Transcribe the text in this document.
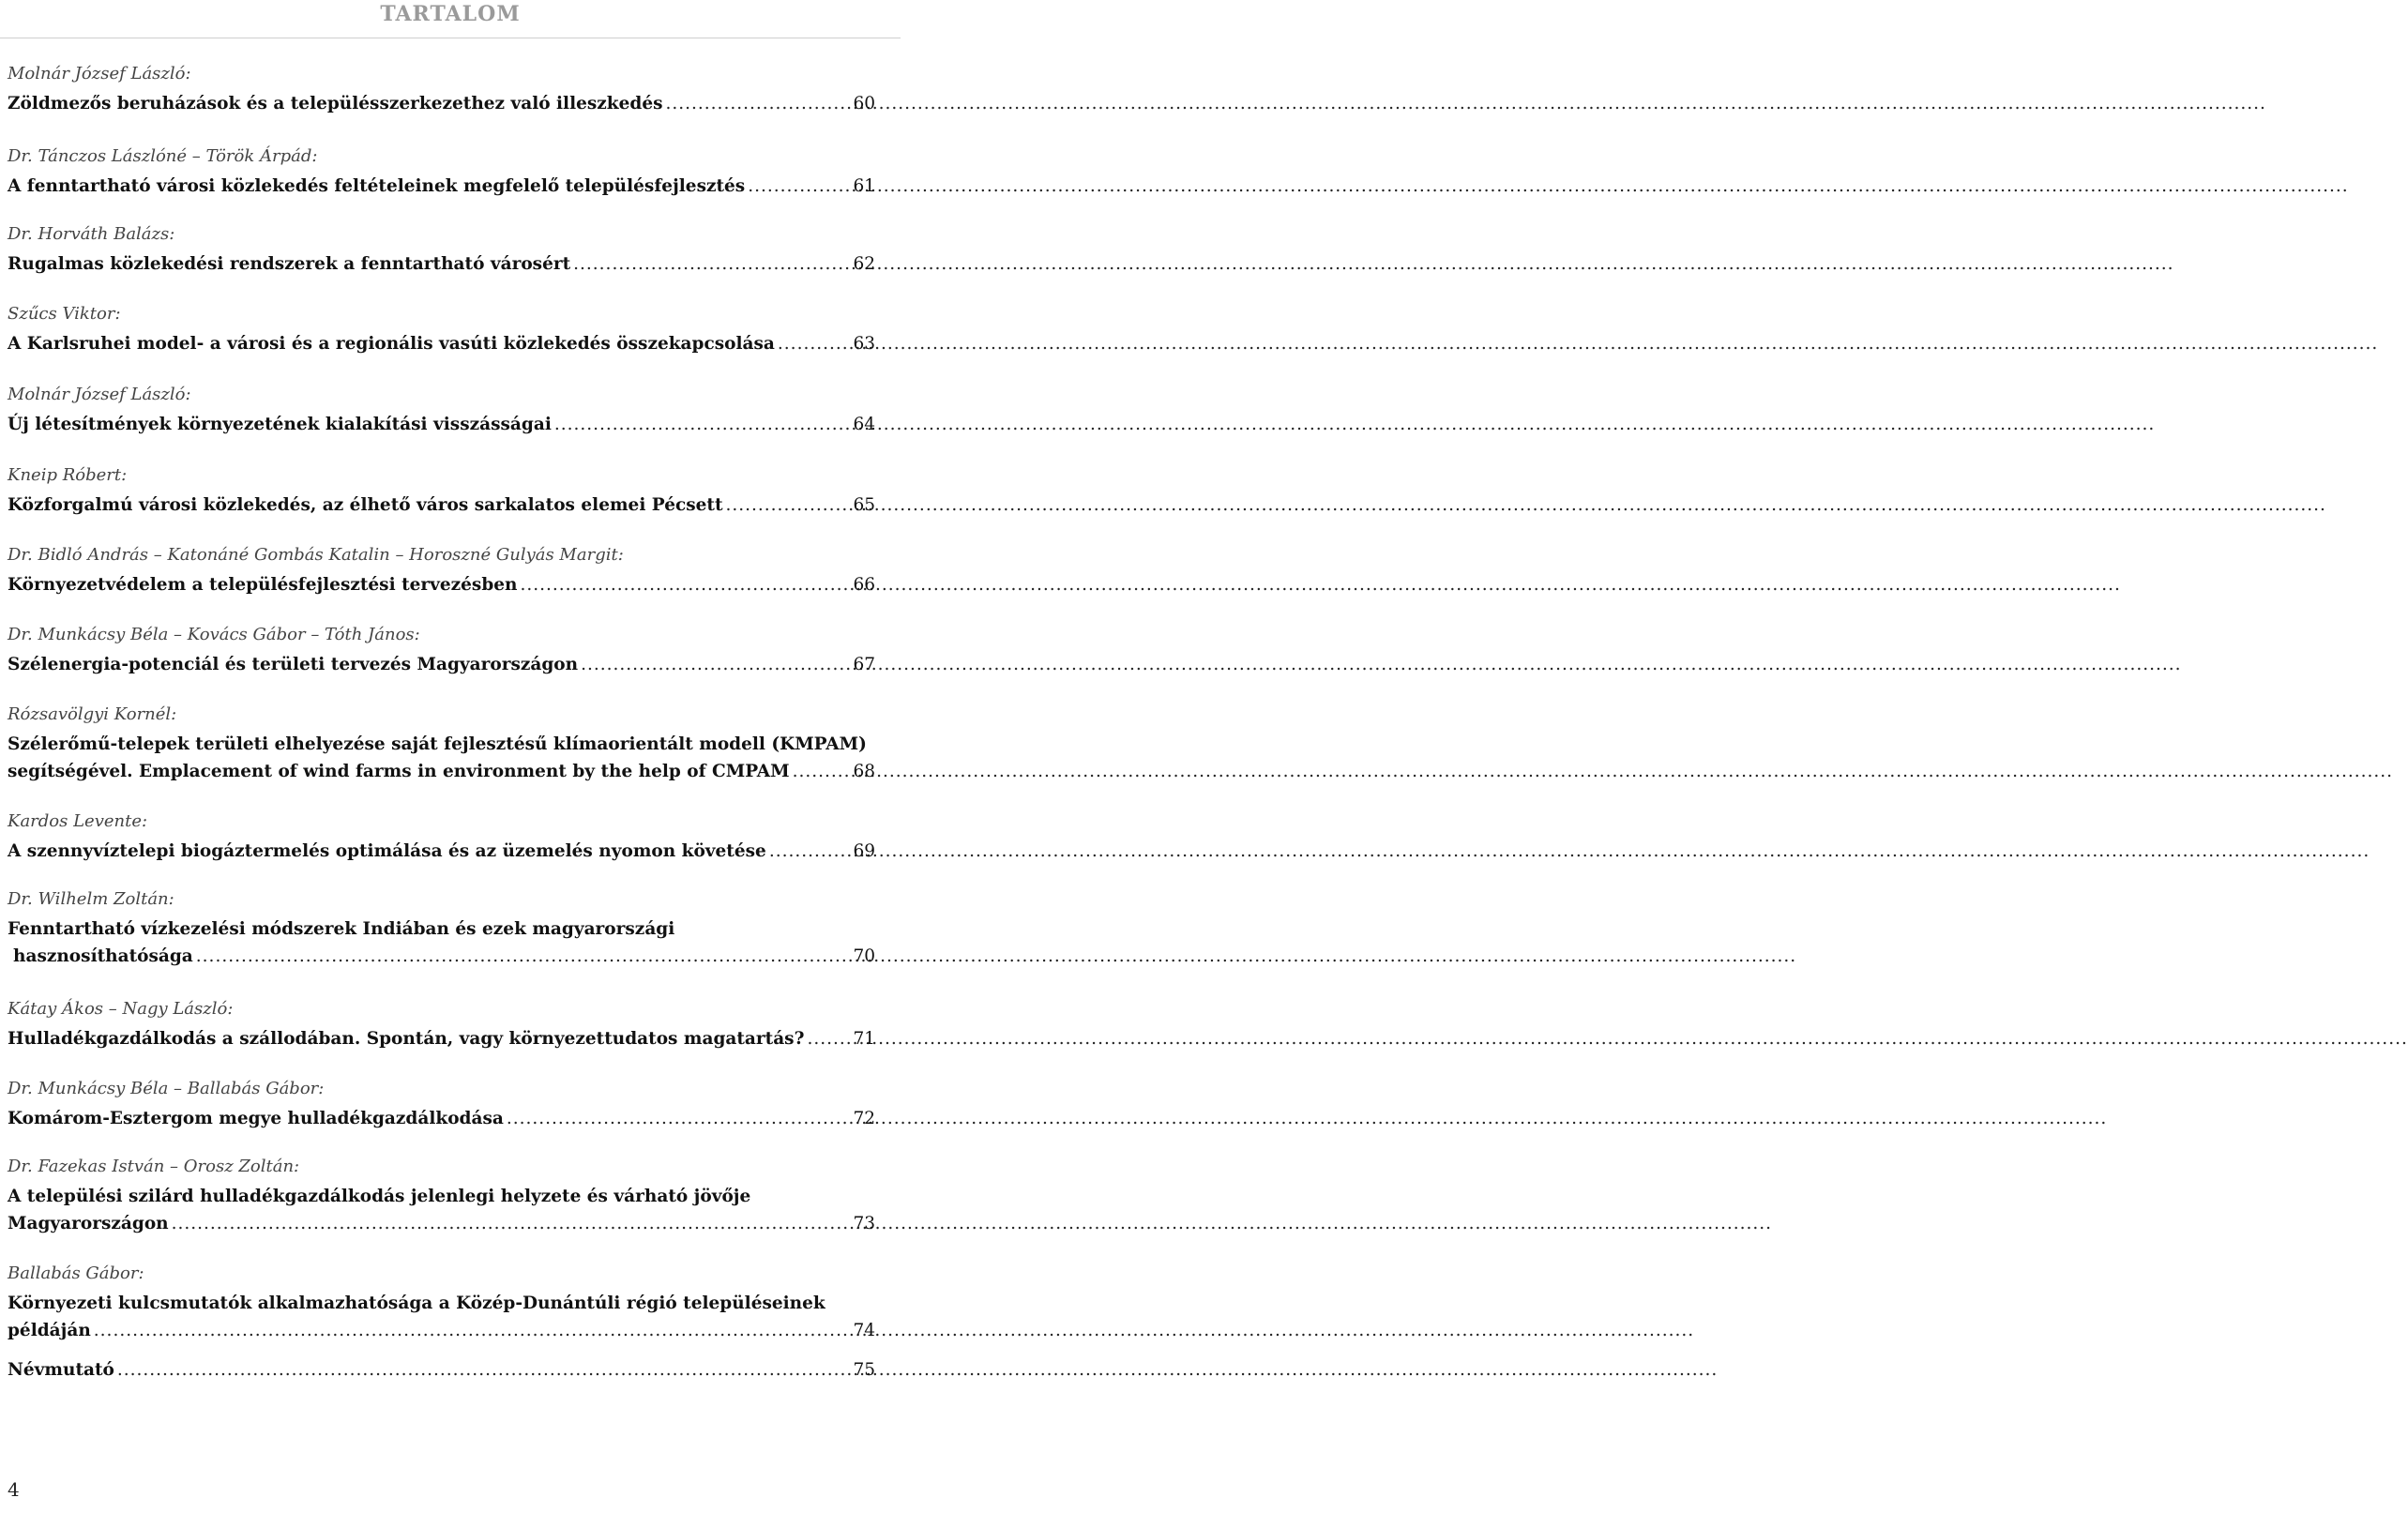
TARTALOM
Molnár József László:
Zöldmezős beruházások és a településszerkezethez való illeszkedés .....	60
Dr. Tánczos Lászlóné – Török Árpád:
A fenntartható városi közlekedés feltételeinek megfelelő településfejlesztés .....	61
Dr. Horváth Balázs:
Rugalmas közlekedési rendszerek a fenntartható városért .....	62
Szűcs Viktor:
A Karlsruhei model- a városi és a regionális vasúti közlekedés összekapcsolása .....	63
Molnár József László:
Új létesítmények környezetének kialakítási visszásságai .....	64
Kneip Róbert:
Közforgalmú városi közlekedés, az élhető város sarkalatos elemei Pécsett .....	65
Dr. Bidló András – Katonáné Gombás Katalin – Horoszné Gulyás Margit:
Környezetvédelem a településfejlesztési tervezésben .....	66
Dr. Munkácsy Béla – Kovács Gábor – Tóth János:
Szélenergia-potenciál és területi tervezés Magyarországon .....	67
Rózsavölgyi Kornél:
Szélerőmű-telepek területi elhelyezése saját fejlesztésű klímaorientált modell (KMPAM)
segítségével. Emplacement of wind farms in environment by the help of CMPAM .....	68
Kardos Levente:
A szennyvíztelepi biogáztermelés optimálása és az üzemelés nyomon követése .....	69
Dr. Wilhelm Zoltán:
Fenntartható vízkezelési módszerek Indiában és ezek magyarországi
hasznosíthatósága .....	70
Kátay Ákos – Nagy László:
Hulladékgazdálkodás a szállodában. Spontán, vagy környezettudatos magatartás? .....	71
Dr. Munkácsy Béla – Ballabás Gábor:
Komárom-Esztergom megye hulladékgazdálkodása .....	72
Dr. Fazekas István – Orosz Zoltán:
A települési szilárd hulladékgazdálkodás jelenlegi helyzete és várható jövője
Magyarországon .....	73
Ballabás Gábor:
Környezeti kulcsmutatók alkalmazhatósága a Közép-Dunántúli régió településeinek
példáján .....	74
Névmutató .....	75
4
